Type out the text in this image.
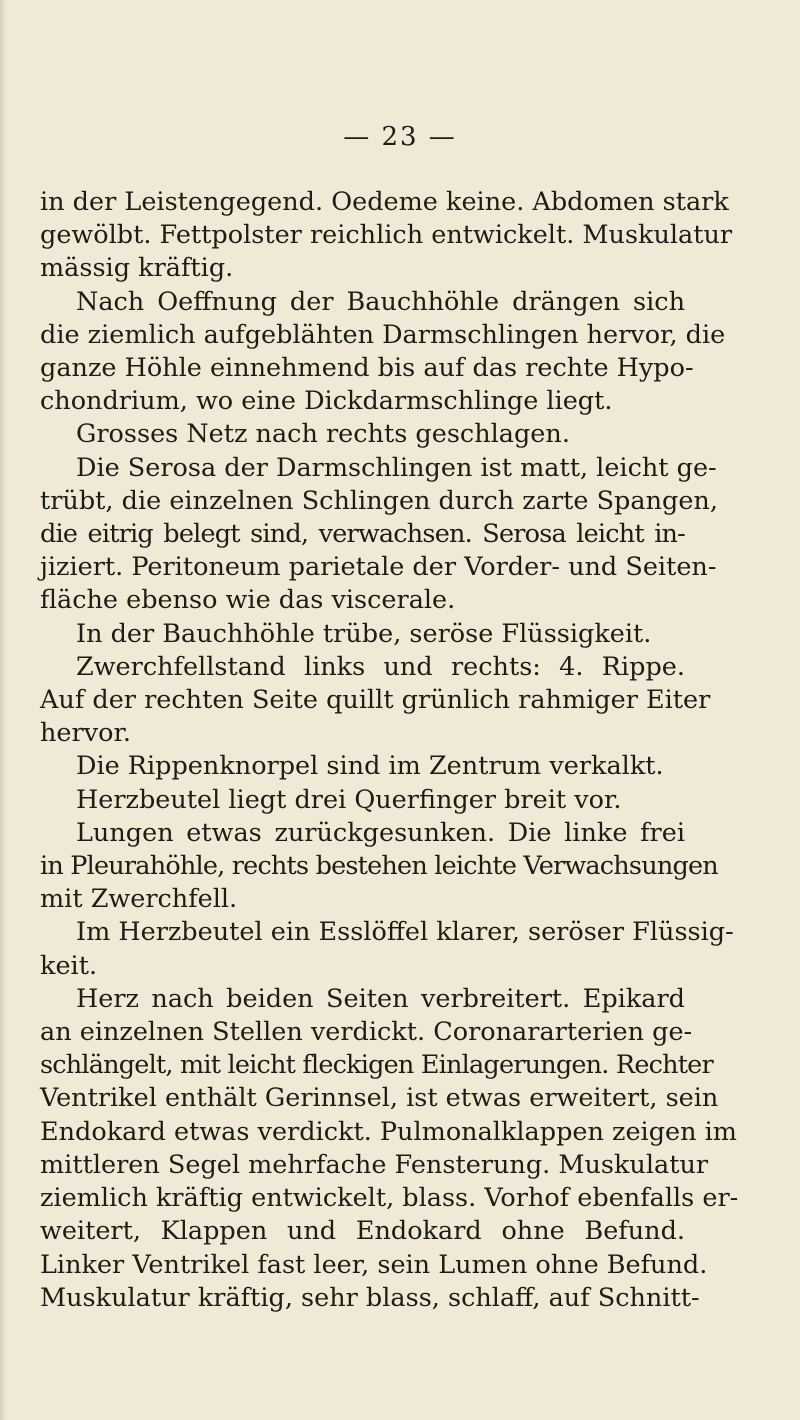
— 23 —
in der Leistengegend. Oedeme keine. Abdomen stark
gewölbt. Fettpolster reichlich entwickelt. Muskulatur
mässig kräftig.
Nach Oeffnung der Bauchhöhle drängen sich
die ziemlich aufgeblähten Darmschlingen hervor, die
ganze Höhle einnehmend bis auf das rechte Hypo-
chondrium, wo eine Dickdarmschlinge liegt.
Grosses Netz nach rechts geschlagen.
Die Serosa der Darmschlingen ist matt, leicht ge-
trübt, die einzelnen Schlingen durch zarte Spangen,
die eitrig belegt sind, verwachsen. Serosa leicht in-
jiziert. Peritoneum parietale der Vorder- und Seiten-
fläche ebenso wie das viscerale.
In der Bauchhöhle trübe, seröse Flüssigkeit.
Zwerchfellstand links und rechts: 4. Rippe.
Auf der rechten Seite quillt grünlich rahmiger Eiter
hervor.
Die Rippenknorpel sind im Zentrum verkalkt.
Herzbeutel liegt drei Querfinger breit vor.
Lungen etwas zurückgesunken. Die linke frei
in Pleurahöhle, rechts bestehen leichte Verwachsungen
mit Zwerchfell.
Im Herzbeutel ein Esslöffel klarer, seröser Flüssig-
keit.
Herz nach beiden Seiten verbreitert. Epikard
an einzelnen Stellen verdickt. Coronararterien ge-
schlängelt, mit leicht fleckigen Einlagerungen. Rechter
Ventrikel enthält Gerinnsel, ist etwas erweitert, sein
Endokard etwas verdickt. Pulmonalklappen zeigen im
mittleren Segel mehrfache Fensterung. Muskulatur
ziemlich kräftig entwickelt, blass. Vorhof ebenfalls er-
weitert, Klappen und Endokard ohne Befund.
Linker Ventrikel fast leer, sein Lumen ohne Befund.
Muskulatur kräftig, sehr blass, schlaff, auf Schnitt-
